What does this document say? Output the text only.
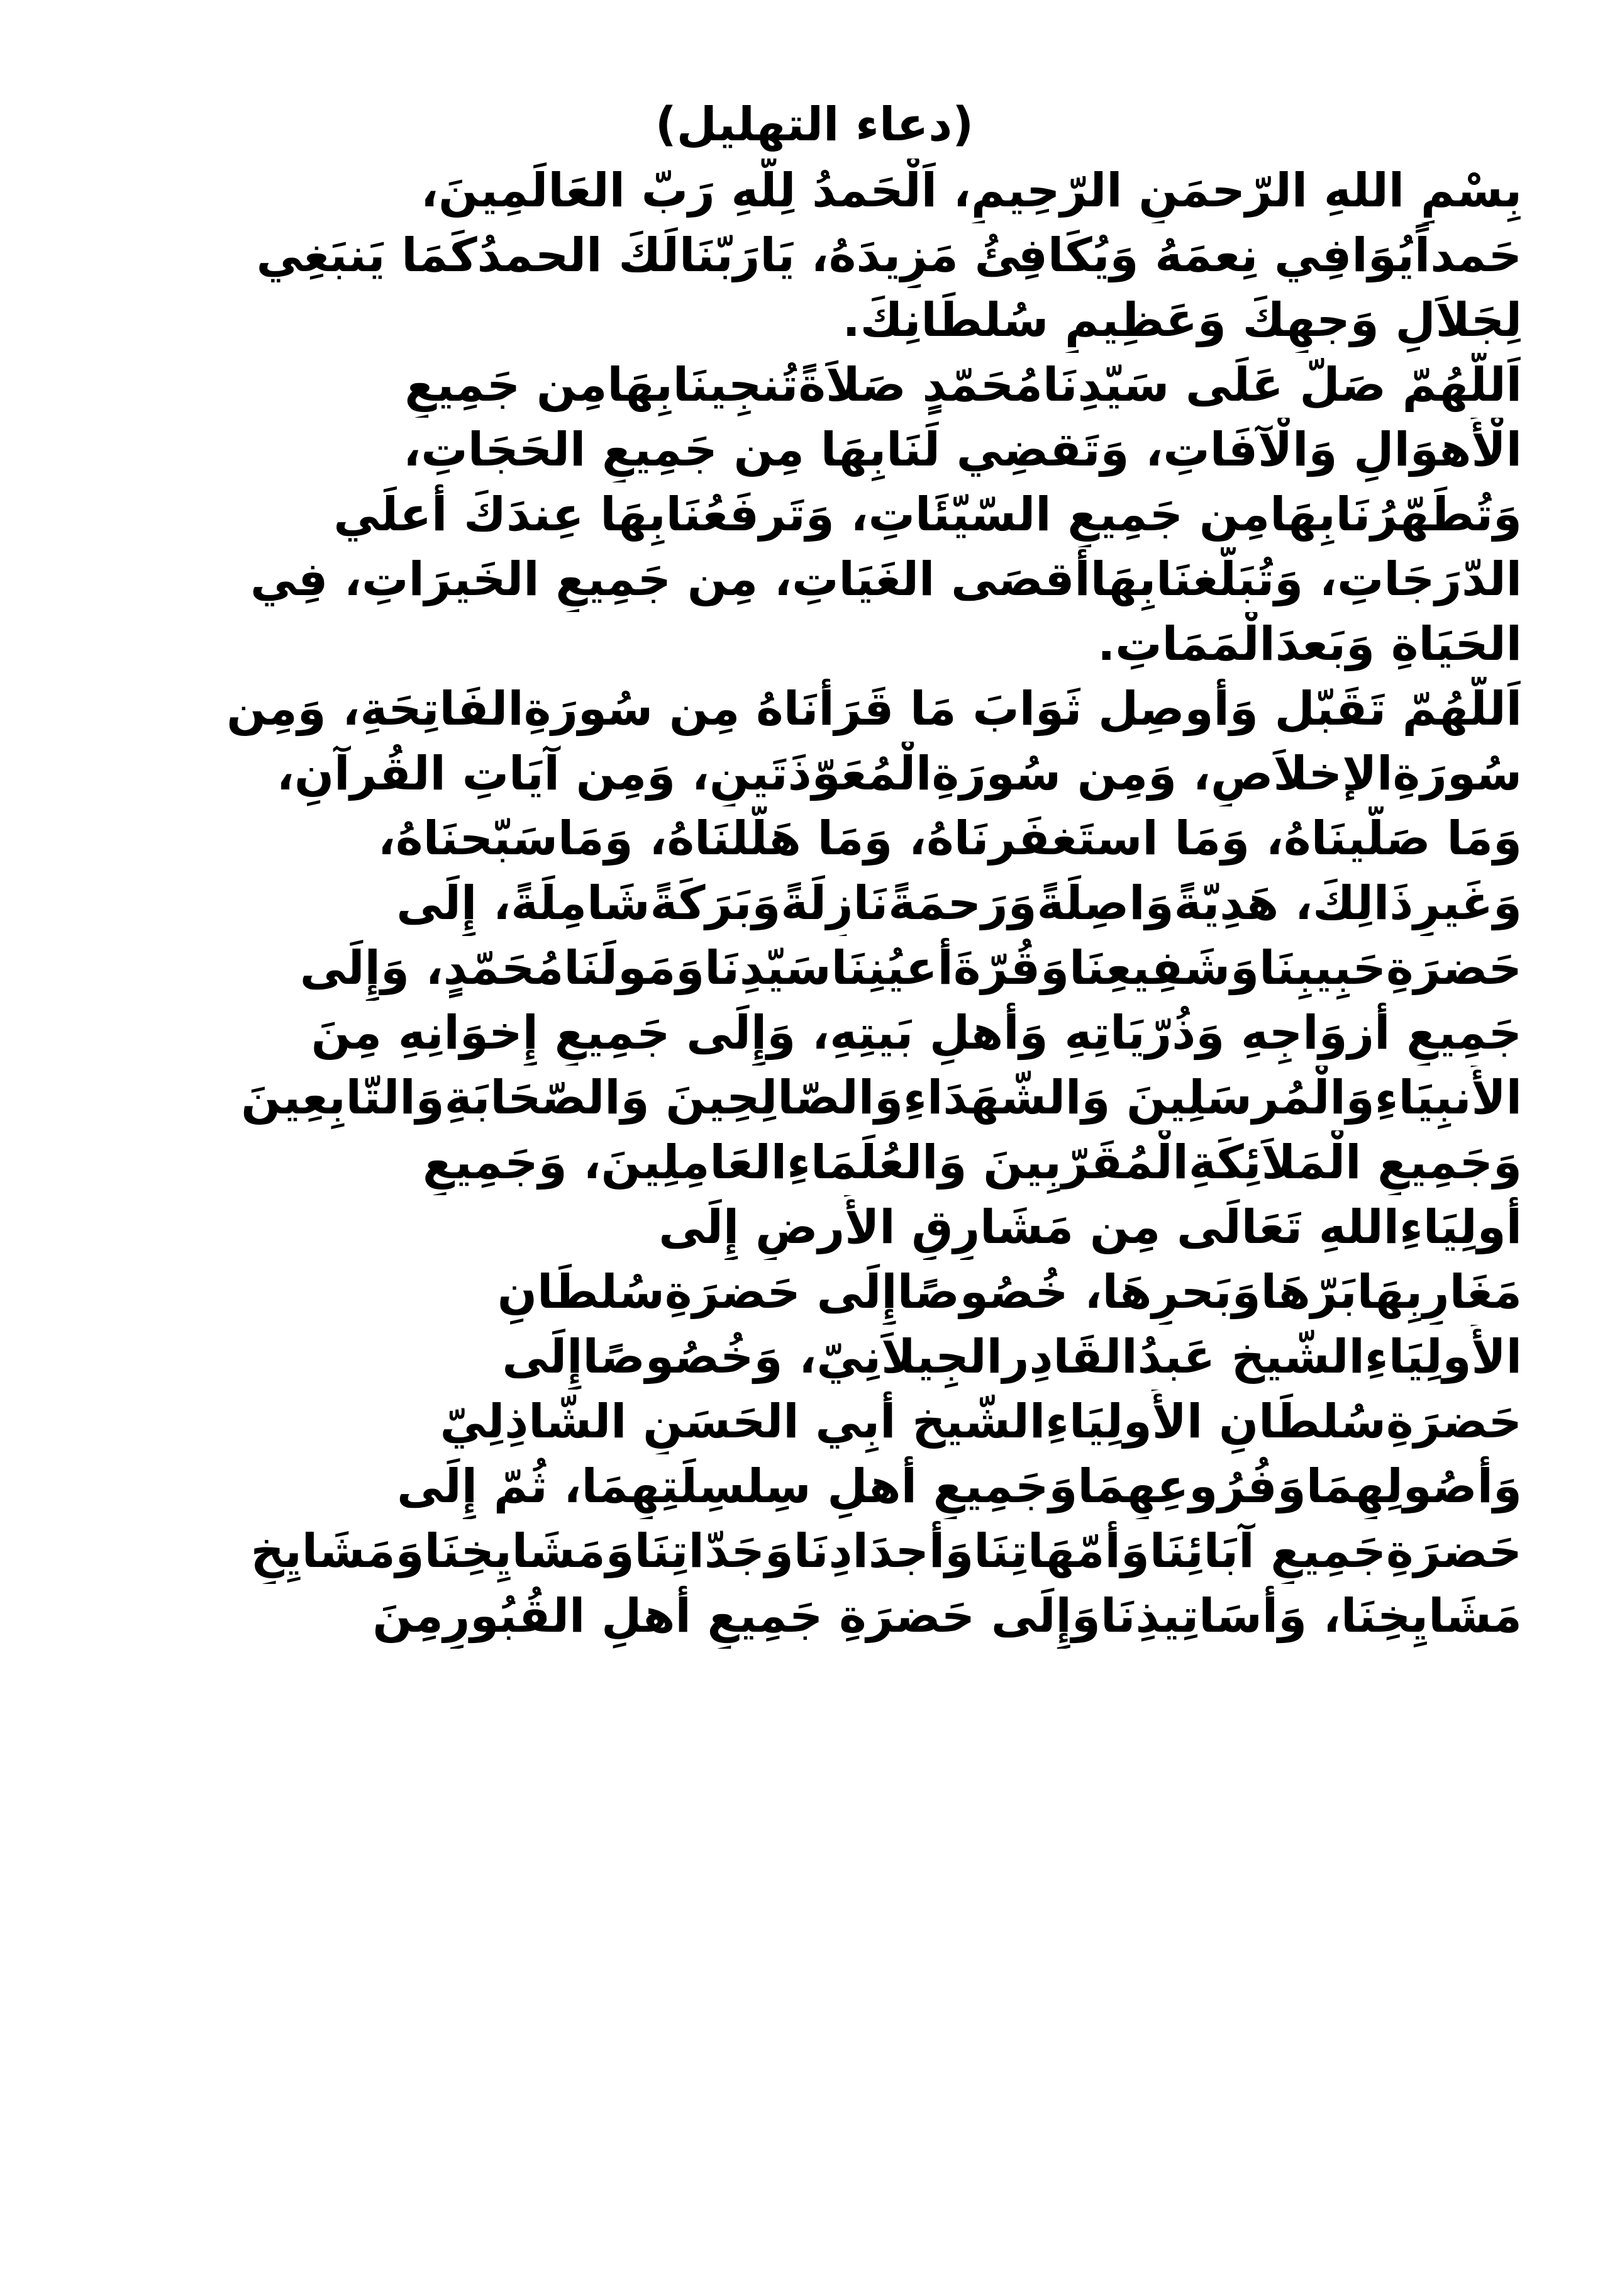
(دعاء التهليل)
بِسْمِ اللهِ الرّحمَنِ الرّحِيمِ، اَلْحَمدُ لِلّهِ رَبّ العَالَمِينَ،
حَمداًيُوَافِي نِعمَهُ وَيُكَافِئُ مَزِيدَهُ، يَارَبّنَالَكَ الحمدُكَمَا يَنبَغِي
لِجَلاَلِ وَجهِكَ وَعَظِيمِ سُلطَانِكَ.
اَللّهُمّ صَلّ عَلَى سَيّدِنَامُحَمّدٍ صَلاَةًتُنجِينَابِهَامِن جَمِيعِ
الْأَهوَالِ وَالْآفَاتِ، وَتَقضِي لَنَابِهَا مِن جَمِيعِ الحَجَاتِ،
وَتُطَهّرُنَابِهَامِن جَمِيعِ السّيّئَاتِ، وَتَرفَعُنَابِهَا عِندَكَ أَعلَي
الدّرَجَاتِ، وَتُبَلّغنَابِهَاأَقصَى الغَيَاتِ، مِن جَمِيعِ الخَيرَاتِ، فِي
الحَيَاةِ وَبَعدَالْمَمَاتِ.
اَللّهُمّ تَقَبّل وَأَوصِل ثَوَابَ مَا قَرَأنَاهُ مِن سُورَةِالفَاتِحَةِ، وَمِن
سُورَةِالإخلاَصِ، وَمِن سُورَةِالْمُعَوّذَتَينِ، وَمِن آيَاتِ القُرآنِ،
وَمَا صَلّينَاهُ، وَمَا استَغفَرنَاهُ، وَمَا هَلّلنَاهُ، وَمَاسَبّحنَاهُ،
وَغَيرِذَالِكَ، هَدِيّةًوَاصِلَةًوَرَحمَةًنَازِلَةًوَبَرَكَةًشَامِلَةً، إِلَى
حَضرَةِحَبِيبِنَاوَشَفِيعِنَاوَقُرّةَأَعيُنِنَاسَيّدِنَاوَمَولَنَامُحَمّدٍ، وَإِلَى
جَمِيعِ أَزوَاجِهِ وَذُرّيَاتِهِ وَأَهلِ بَيتِهِ، وَإِلَى جَمِيعِ إِخوَانِهِ مِنَ
الأَنبِيَاءِوَالْمُرسَلِينَ وَالشّهَدَاءِوَالصّالِحِينَ وَالصّحَابَةِوَالتّابِعِينَ
وَجَمِيعِ الْمَلاَئِكَةِالْمُقَرّبِينَ وَالعُلَمَاءِالعَامِلِينَ، وَجَمِيعِ
أَولِيَاءِاللهِ تَعَالَى مِن مَشَارِقِ الأَرضِ إِلَى
مَغَارِبِهَابَرّهَاوَبَحرِهَا، خُصُوصًاإِلَى حَضرَةِسُلطَانِ
الأَولِيَاءِالشّيخ عَبدُالقَادِرالجِيلاَنِيّ، وَخُصُوصًاإِلَى
حَضرَةِسُلطَانِ الأَولِيَاءِالشّيخ أَبِي الحَسَنِ الشّاذِلِيّ
وَأُصُولِهِمَاوَفُرُوعِهِمَاوَجَمِيعِ أَهلِ سِلسِلَتِهِمَا، ثُمّ إِلَى
حَضرَةِجَمِيعِ آبَائِنَاوَأُمّهَاتِنَاوَأَجدَادِنَاوَجَدّاتِنَاوَمَشَايِخِنَاوَمَشَايِخِ
مَشَايِخِنَا، وَأَسَاتِيذِنَاوَإِلَى حَضرَةِ جَمِيعِ أَهلِ القُبُورِمِنَ
